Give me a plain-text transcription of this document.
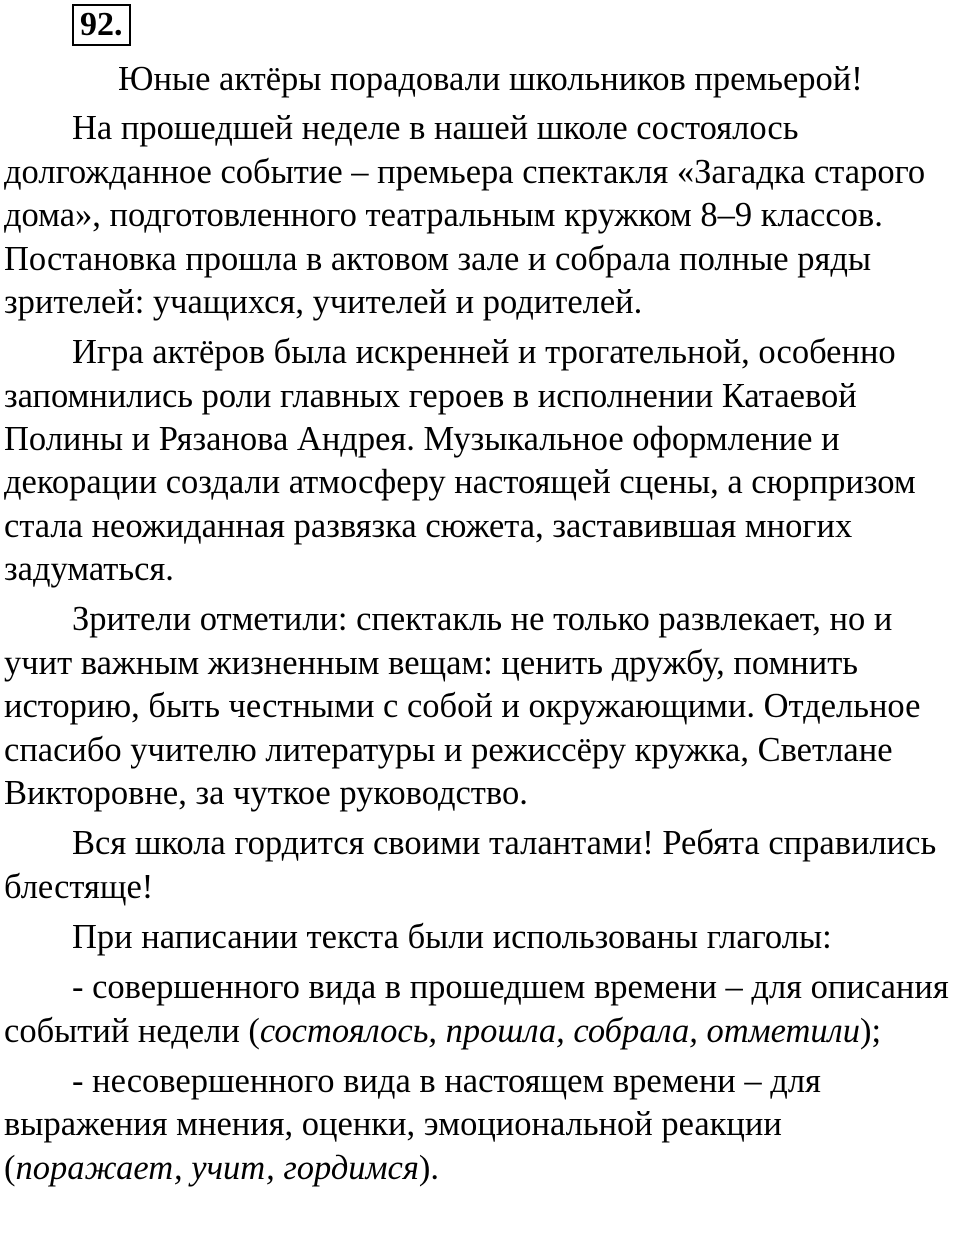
92.

Юные актёры порадовали школьников премьерой!

На прошедшей неделе в нашей школе состоялось долгожданное событие – премьера спектакля «Загадка старого дома», подготовленного театральным кружком 8–9 классов. Постановка прошла в актовом зале и собрала полные ряды зрителей: учащихся, учителей и родителей.

Игра актёров была искренней и трогательной, особенно запомнились роли главных героев в исполнении Катаевой Полины и Рязанова Андрея. Музыкальное оформление и декорации создали атмосферу настоящей сцены, а сюрпризом стала неожиданная развязка сюжета, заставившая многих задуматься.

Зрители отметили: спектакль не только развлекает, но и учит важным жизненным вещам: ценить дружбу, помнить историю, быть честными с собой и окружающими. Отдельное спасибо учителю литературы и режиссёру кружка, Светлане Викторовне, за чуткое руководство.

Вся школа гордится своими талантами! Ребята справились блестяще!

При написании текста были использованы глаголы:

- совершенного вида в прошедшем времени – для описания событий недели (состоялось, прошла, собрала, отметили);

- несовершенного вида в настоящем времени – для выражения мнения, оценки, эмоциональной реакции (поражает, учит, гордимся).
